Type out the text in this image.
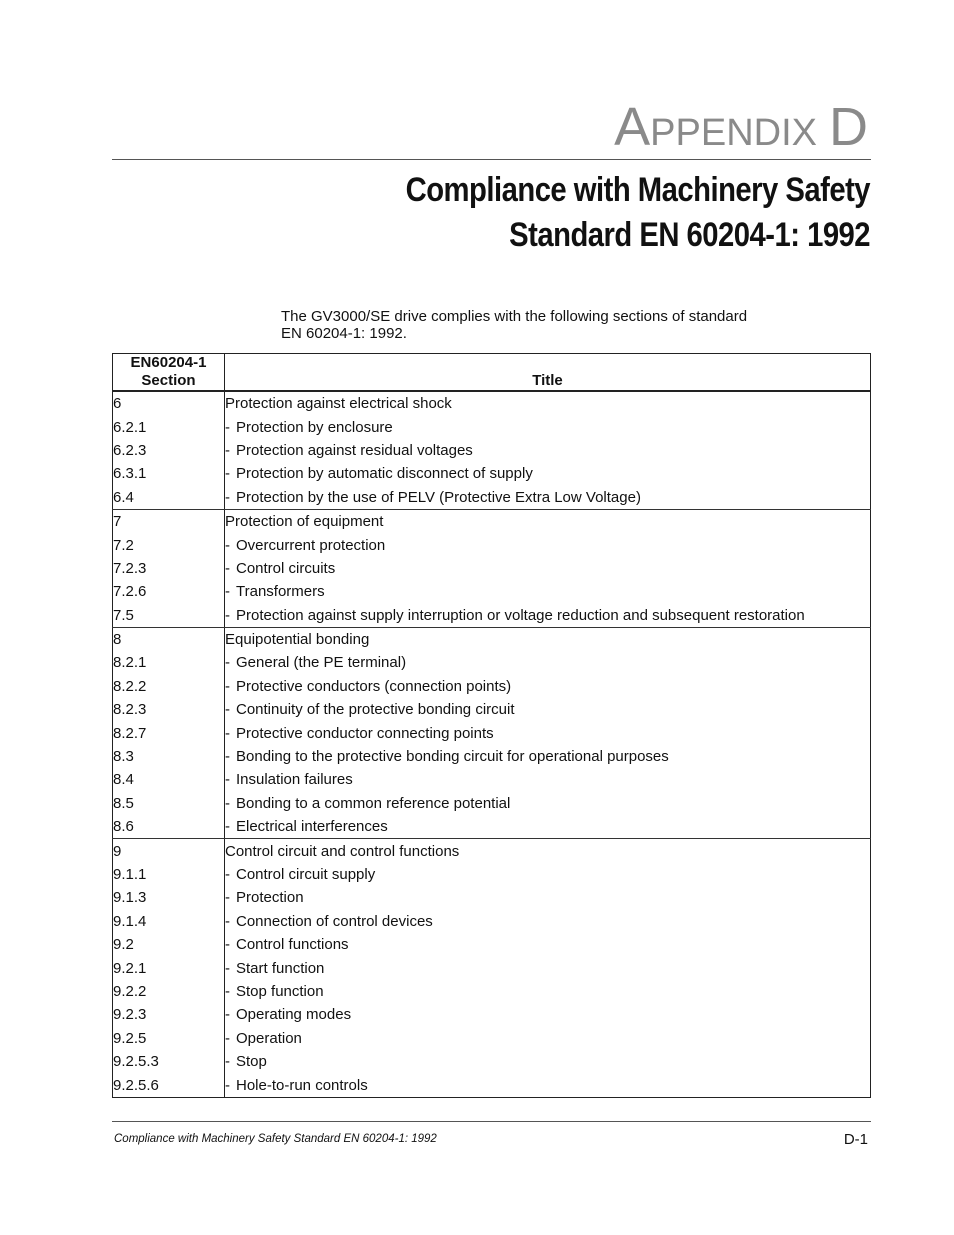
APPENDIX D
Compliance with Machinery Safety
Standard EN 60204-1: 1992
The GV3000/SE drive complies with the following sections of standard
EN 60204-1: 1992.
EN60204-1
Section	Title
6	Protection against electrical shock
6.2.1	- Protection by enclosure
6.2.3	- Protection against residual voltages
6.3.1	- Protection by automatic disconnect of supply
6.4	- Protection by the use of PELV (Protective Extra Low Voltage)
7	Protection of equipment
7.2	- Overcurrent protection
7.2.3	- Control circuits
7.2.6	- Transformers
7.5	- Protection against supply interruption or voltage reduction and subsequent restoration
8	Equipotential bonding
8.2.1	- General (the PE terminal)
8.2.2	- Protective conductors (connection points)
8.2.3	- Continuity of the protective bonding circuit
8.2.7	- Protective conductor connecting points
8.3	- Bonding to the protective bonding circuit for operational purposes
8.4	- Insulation failures
8.5	- Bonding to a common reference potential
8.6	- Electrical interferences
9	Control circuit and control functions
9.1.1	- Control circuit supply
9.1.3	- Protection
9.1.4	- Connection of control devices
9.2	- Control functions
9.2.1	- Start function
9.2.2	- Stop function
9.2.3	- Operating modes
9.2.5	- Operation
9.2.5.3	- Stop
9.2.5.6	- Hole-to-run controls
Compliance with Machinery Safety Standard EN 60204-1: 1992	D-1
